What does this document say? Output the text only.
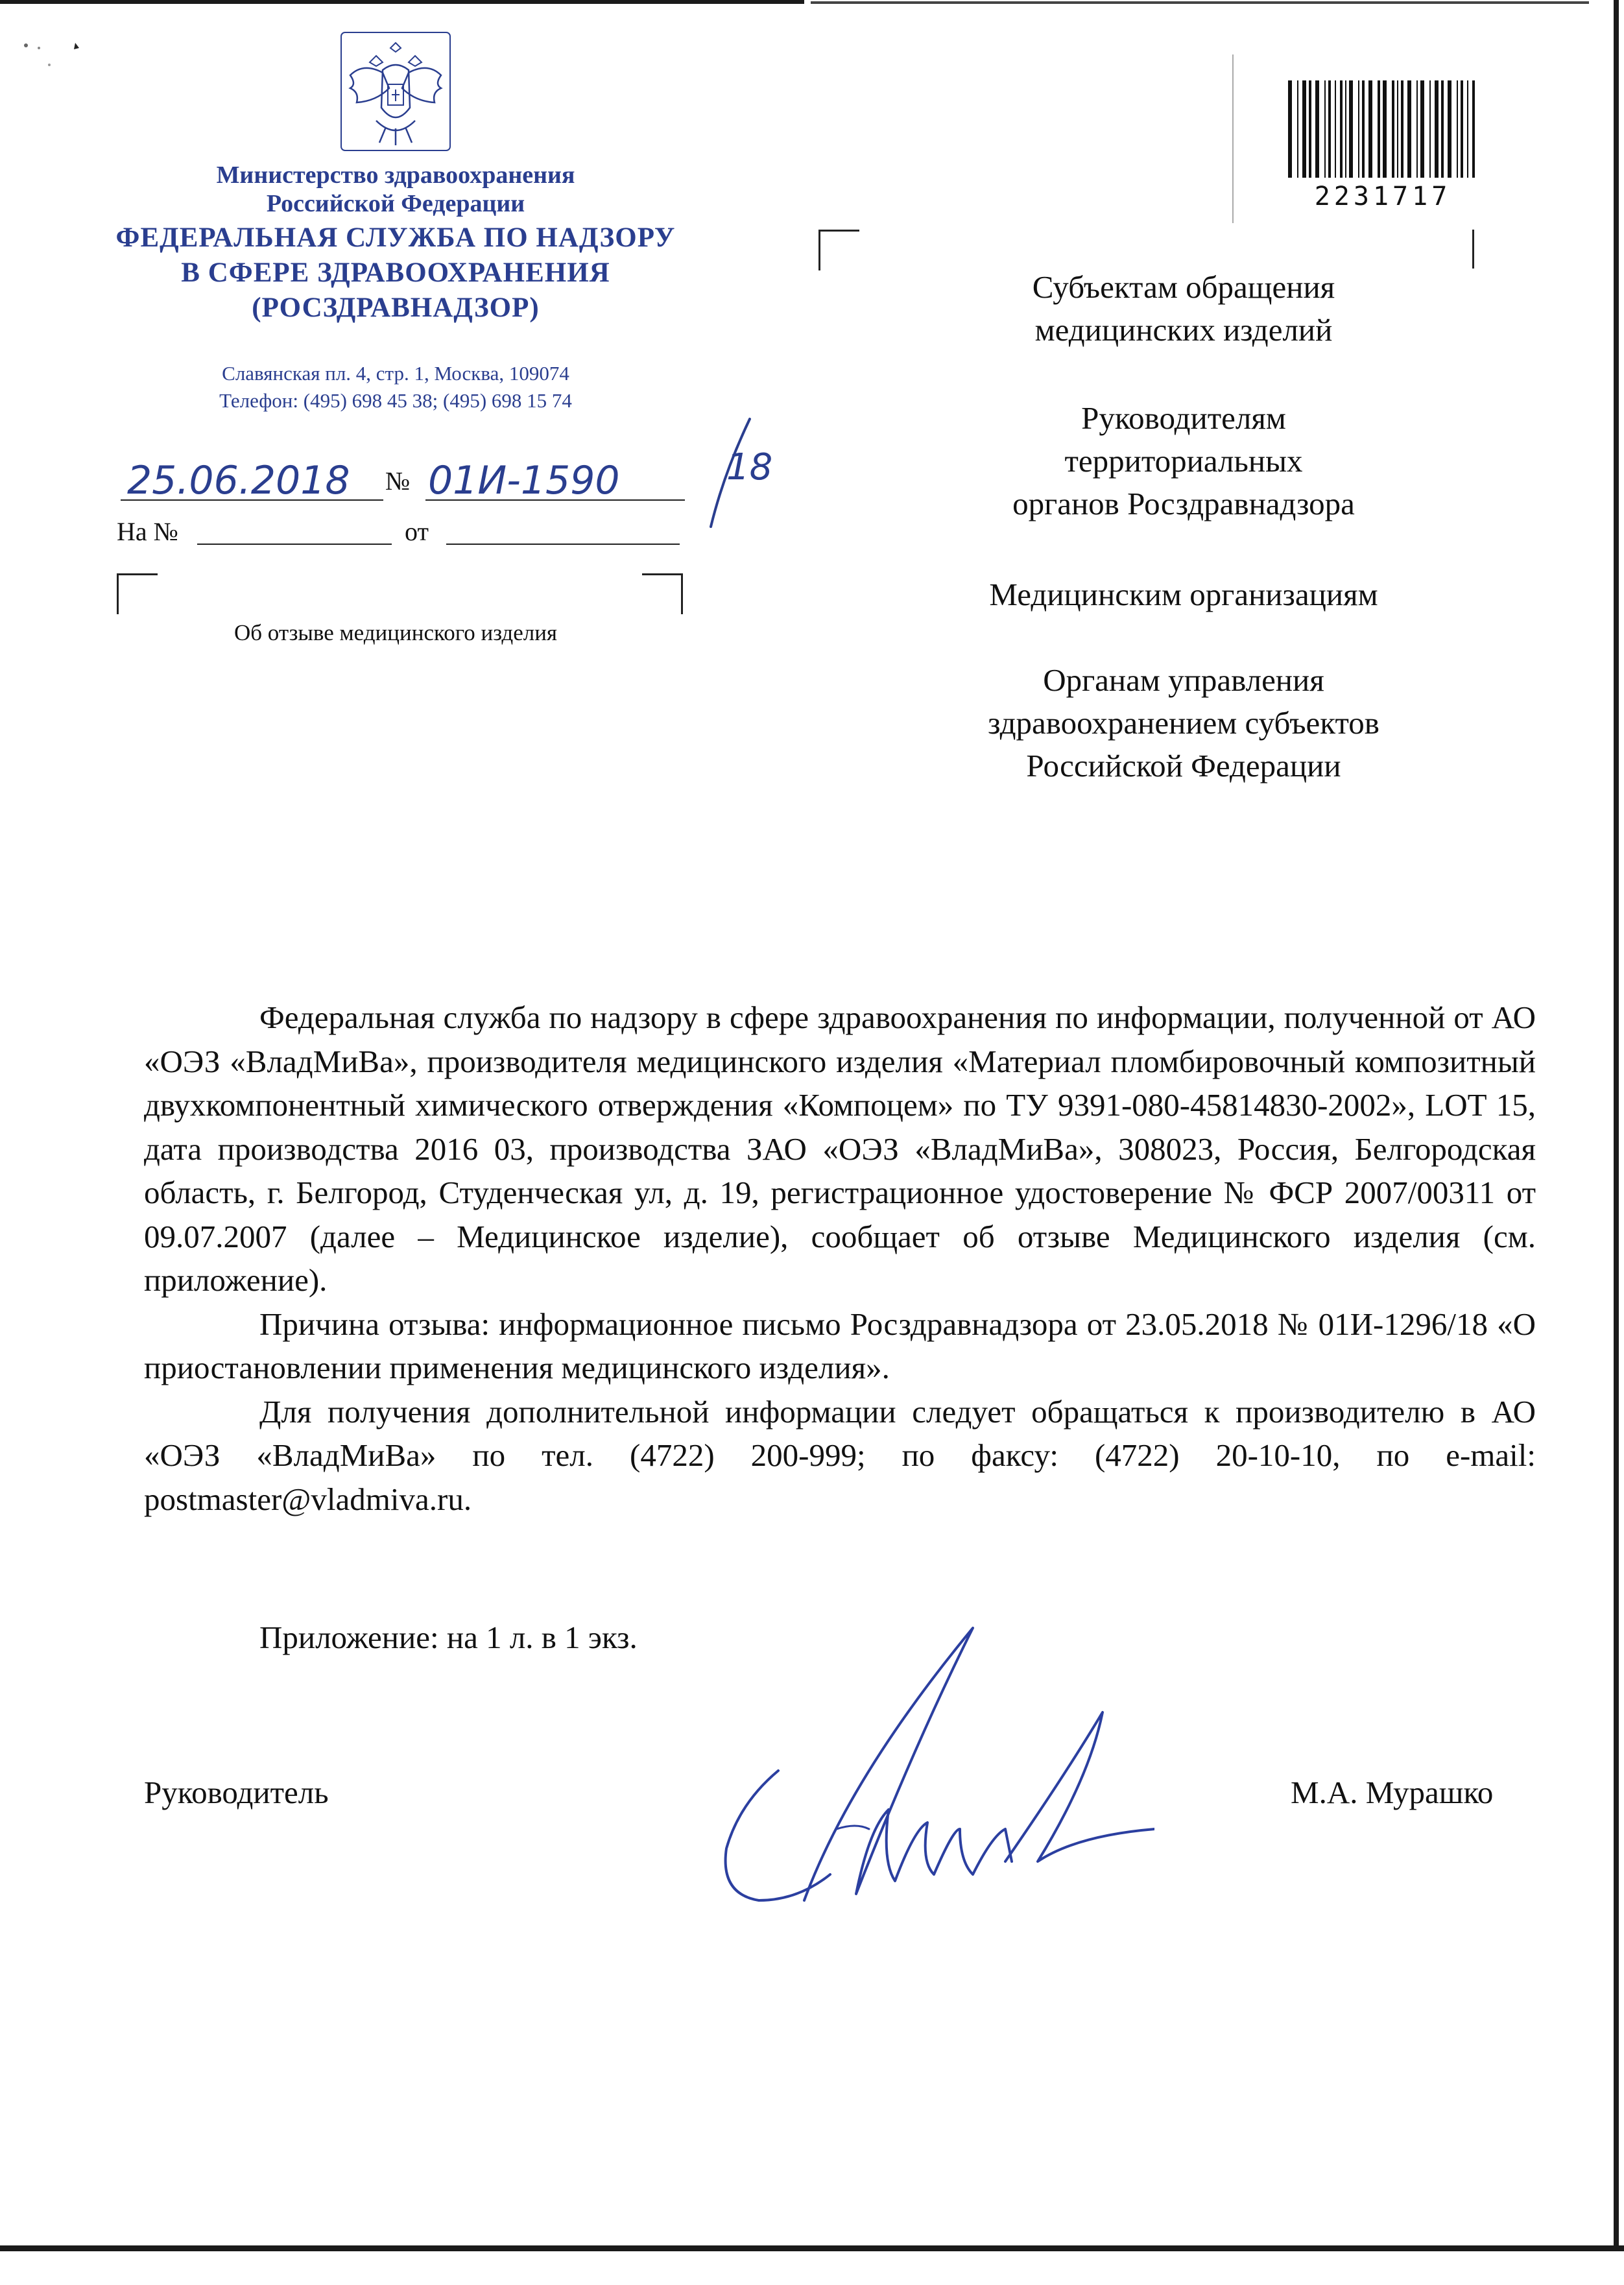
Министерство здравоохранения
Российской Федерации
ФЕДЕРАЛЬНАЯ СЛУЖБА ПО НАДЗОРУ
В СФЕРЕ ЗДРАВООХРАНЕНИЯ
(РОСЗДРАВНАДЗОР)
Славянская пл. 4, стр. 1, Москва, 109074
Телефон: (495) 698 45 38; (495) 698 15 74
25.06.2018 № 01И-1590	18
На №	от
Об отзыве медицинского изделия
2231717
Субъектам обращения
медицинских изделий
Руководителям
территориальных
органов Росздравнадзора
Медицинским организациям
Органам управления
здравоохранением субъектов
Российской Федерации

Федеральная служба по надзору в сфере здравоохранения по информации, полученной от АО «ОЭЗ «ВладМиВа», производителя медицинского изделия «Материал пломбировочный композитный двухкомпонентный химического отверждения «Компоцем» по ТУ 9391-080-45814830-2002», LOT 15, дата производства 2016 03, производства ЗАО «ОЭЗ «ВладМиВа», 308023, Россия, Белгородская область, г. Белгород, Студенческая ул, д. 19, регистрационное удостоверение № ФСР 2007/00311 от 09.07.2007 (далее – Медицинское изделие), сообщает об отзыве Медицинского изделия (см. приложение).

Причина отзыва: информационное письмо Росздравнадзора от 23.05.2018 № 01И-1296/18 «О приостановлении применения медицинского изделия».

Для получения дополнительной информации следует обращаться к производителю в АО «ОЭЗ «ВладМиВа» по тел. (4722) 200-999; по факсу: (4722) 20-10-10, по e-mail: postmaster@vladmiva.ru.

Приложение: на 1 л. в 1 экз.
Руководитель	М.А. Мурашко
